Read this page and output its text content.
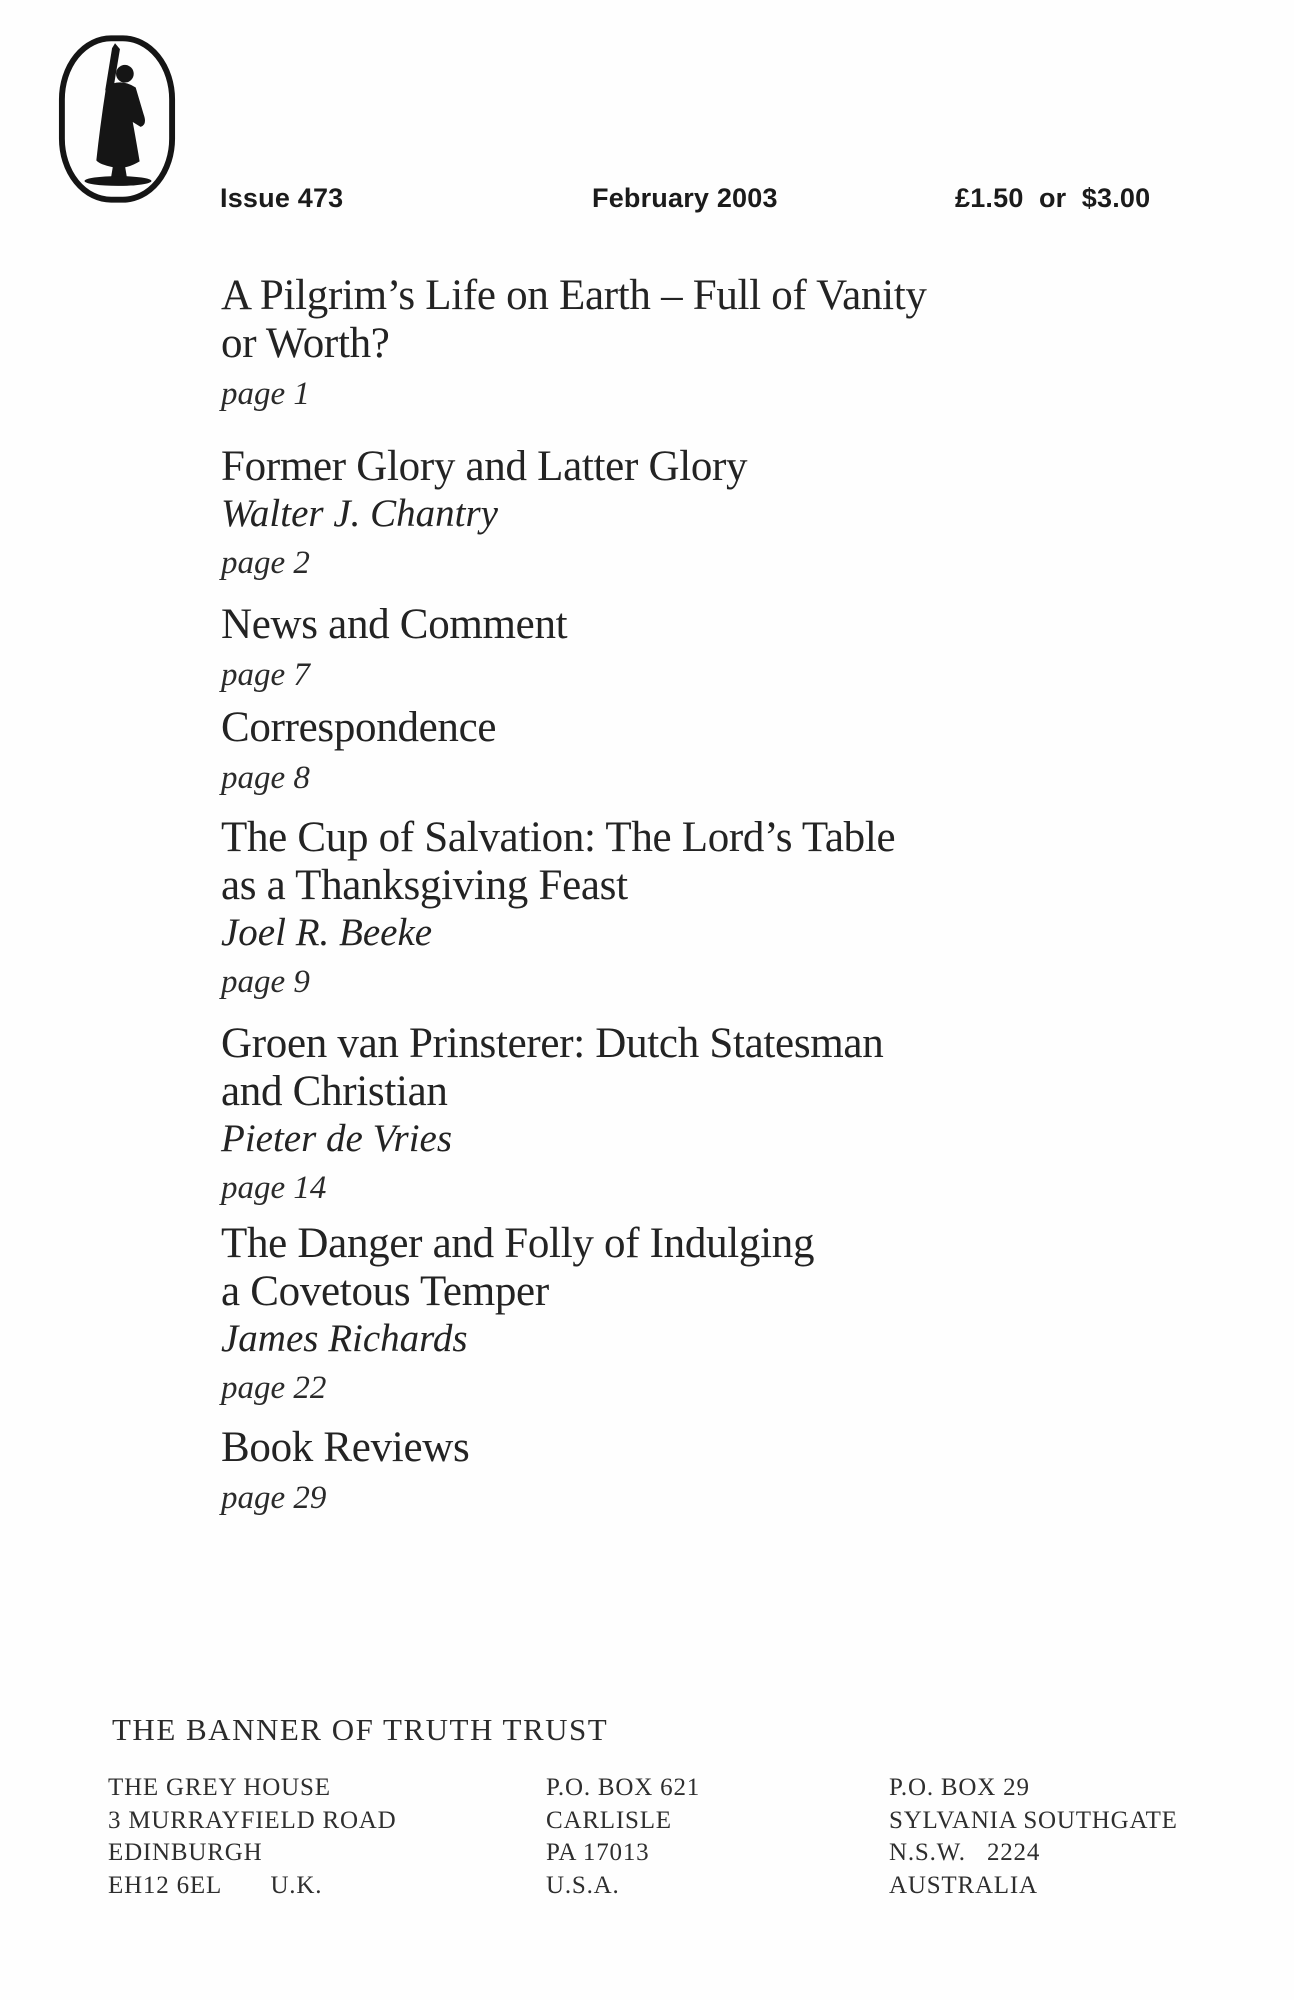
Issue 473	February 2003	£1.50  or  $3.00
A Pilgrim’s Life on Earth – Full of Vanity
or Worth?
page 1
Former Glory and Latter Glory
Walter J. Chantry
page 2
News and Comment
page 7
Correspondence
page 8
The Cup of Salvation: The Lord’s Table
as a Thanksgiving Feast
Joel R. Beeke
page 9
Groen van Prinsterer: Dutch Statesman
and Christian
Pieter de Vries
page 14
The Danger and Folly of Indulging
a Covetous Temper
James Richards
page 22
Book Reviews
page 29
THE BANNER OF TRUTH TRUST
THE GREY HOUSE
3 MURRAYFIELD ROAD
EDINBURGH
EH12 6EL       U.K.
P.O. BOX 621
CARLISLE
PA 17013
U.S.A.
P.O. BOX 29
SYLVANIA SOUTHGATE
N.S.W.   2224
AUSTRALIA
